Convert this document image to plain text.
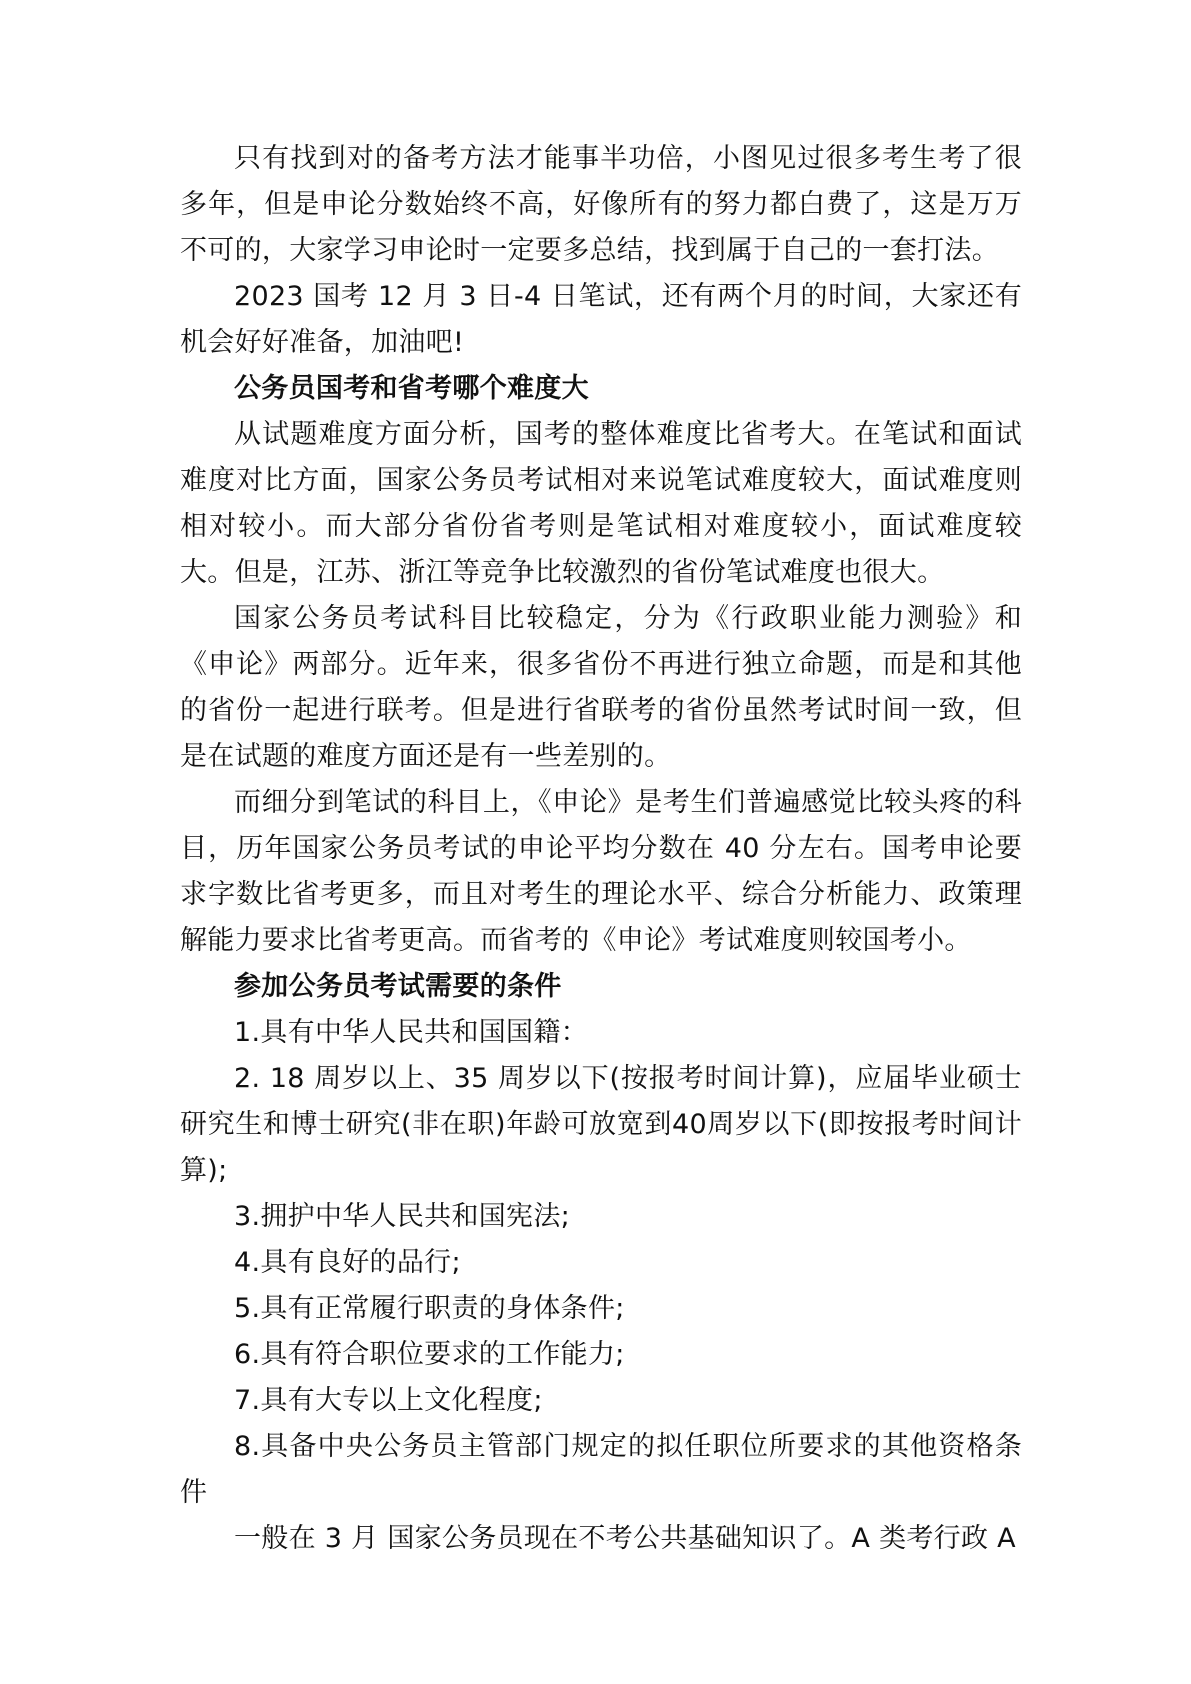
只有找到对的备考方法才能事半功倍，小图见过很多考生考了很多年，但是申论分数始终不高，好像所有的努力都白费了，这是万万不可的，大家学习申论时一定要多总结，找到属于自己的一套打法。

2023 国考 12 月 3 日-4 日笔试，还有两个月的时间，大家还有机会好好准备，加油吧!

公务员国考和省考哪个难度大

从试题难度方面分析，国考的整体难度比省考大。在笔试和面试难度对比方面，国家公务员考试相对来说笔试难度较大，面试难度则相对较小。而大部分省份省考则是笔试相对难度较小，面试难度较大。但是，江苏、浙江等竞争比较激烈的省份笔试难度也很大。

国家公务员考试科目比较稳定，分为《行政职业能力测验》和《申论》两部分。近年来，很多省份不再进行独立命题，而是和其他的省份一起进行联考。但是进行省联考的省份虽然考试时间一致，但是在试题的难度方面还是有一些差别的。

而细分到笔试的科目上，《申论》是考生们普遍感觉比较头疼的科目，历年国家公务员考试的申论平均分数在 40 分左右。国考申论要求字数比省考更多，而且对考生的理论水平、综合分析能力、政策理解能力要求比省考更高。而省考的《申论》考试难度则较国考小。

参加公务员考试需要的条件

1.具有中华人民共和国国籍：

2. 18 周岁以上、35 周岁以下(按报考时间计算)，应届毕业硕士研究生和博士研究(非在职)年龄可放宽到40周岁以下(即按报考时间计算);

3.拥护中华人民共和国宪法;

4.具有良好的品行;

5.具有正常履行职责的身体条件;

6.具有符合职位要求的工作能力;

7.具有大专以上文化程度;

8.具备中央公务员主管部门规定的拟任职位所要求的其他资格条件

一般在 3 月 国家公务员现在不考公共基础知识了。A 类考行政 A
